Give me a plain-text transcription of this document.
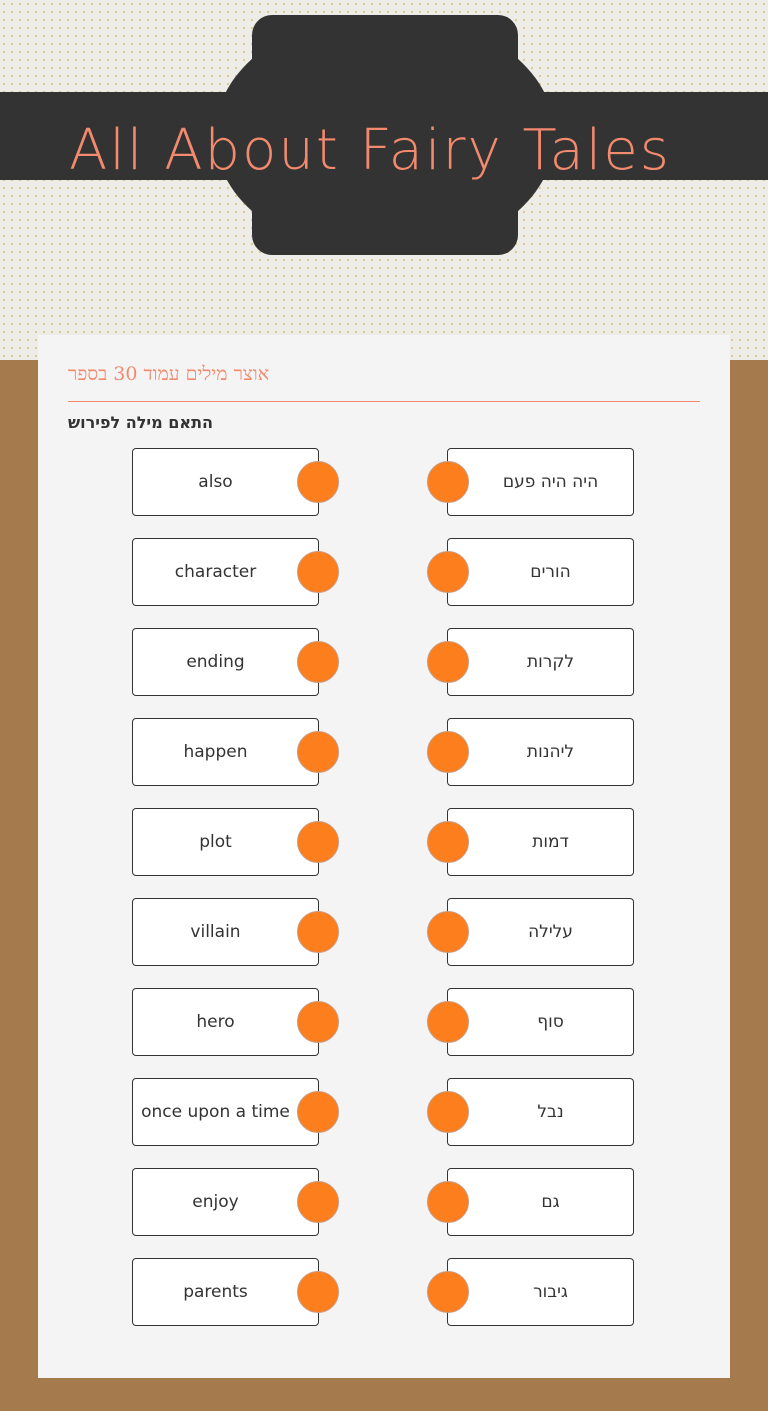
All About Fairy Tales
אוצר מילים עמוד 30 בספר
התאם מילה לפירוש
also	היה היה פעם
character	הורים
ending	לקרות
happen	ליהנות
plot	דמות
villain	עלילה
hero	סוף
once upon a time	נבל
enjoy	גם
parents	גיבור
